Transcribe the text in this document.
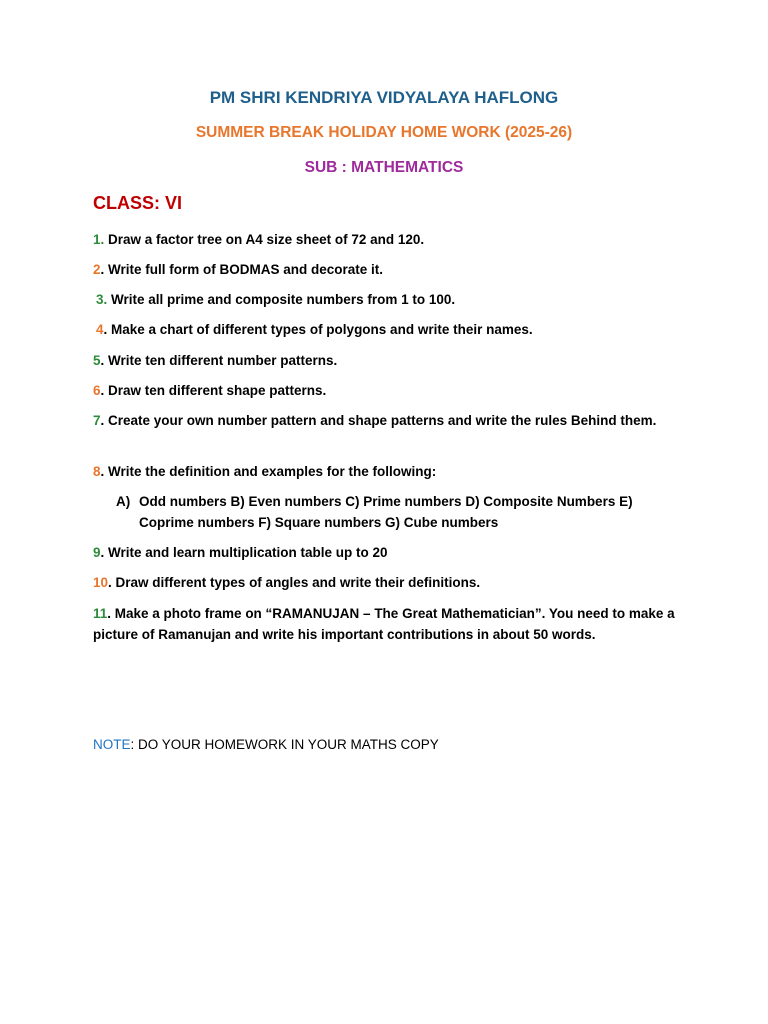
PM SHRI KENDRIYA VIDYALAYA HAFLONG
SUMMER BREAK HOLIDAY HOME WORK (2025-26)
SUB : MATHEMATICS

CLASS: VI

1. Draw a factor tree on A4 size sheet of 72 and 120.
2. Write full form of BODMAS and decorate it.
3. Write all prime and composite numbers from 1 to 100.
4. Make a chart of different types of polygons and write their names.
5. Write ten different number patterns.
6. Draw ten different shape patterns.
7. Create your own number pattern and shape patterns and write the rules Behind them.
8. Write the definition and examples for the following:
A) Odd numbers B) Even numbers C) Prime numbers D) Composite Numbers E) Coprime numbers F) Square numbers G) Cube numbers
9. Write and learn multiplication table up to 20
10. Draw different types of angles and write their definitions.
11. Make a photo frame on “RAMANUJAN – The Great Mathematician”. You need to make a picture of Ramanujan and write his important contributions in about 50 words.

NOTE: DO YOUR HOMEWORK IN YOUR MATHS COPY
